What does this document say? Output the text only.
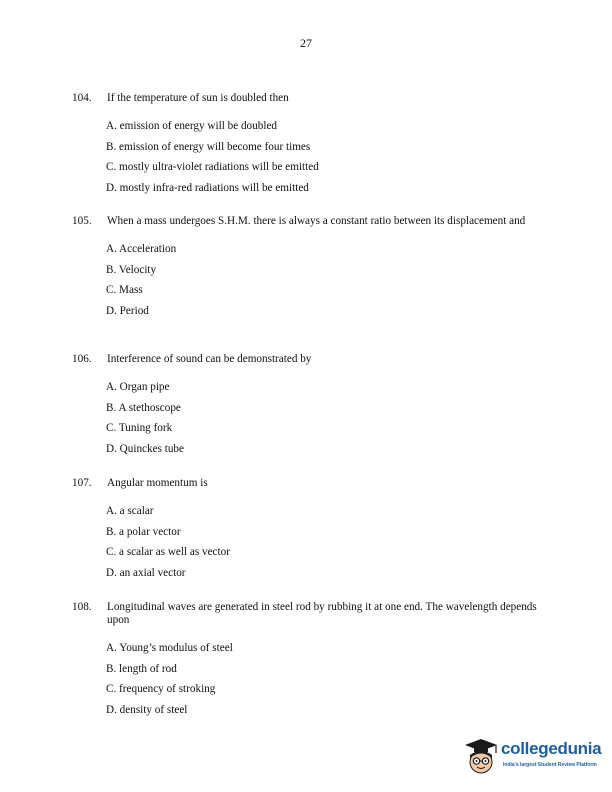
27
104.	If the temperature of sun is doubled then
A. emission of energy will be doubled
B. emission of energy will become four times
C. mostly ultra-violet radiations will be emitted
D. mostly infra-red radiations will be emitted
105.	When a mass undergoes S.H.M. there is always a constant ratio between its displacement and
A. Acceleration
B. Velocity
C. Mass
D. Period
106.	Interference of sound can be demonstrated by
A. Organ pipe
B. A stethoscope
C. Tuning fork
D. Quinckes tube
107.	Angular momentum is
A. a scalar
B. a polar vector
C. a scalar as well as vector
D. an axial vector
108.	Longitudinal waves are generated in steel rod by rubbing it at one end. The wavelength depends upon
A. Young’s modulus of steel
B. length of rod
C. frequency of stroking
D. density of steel
collegedunia
India's largest Student Review Platform
